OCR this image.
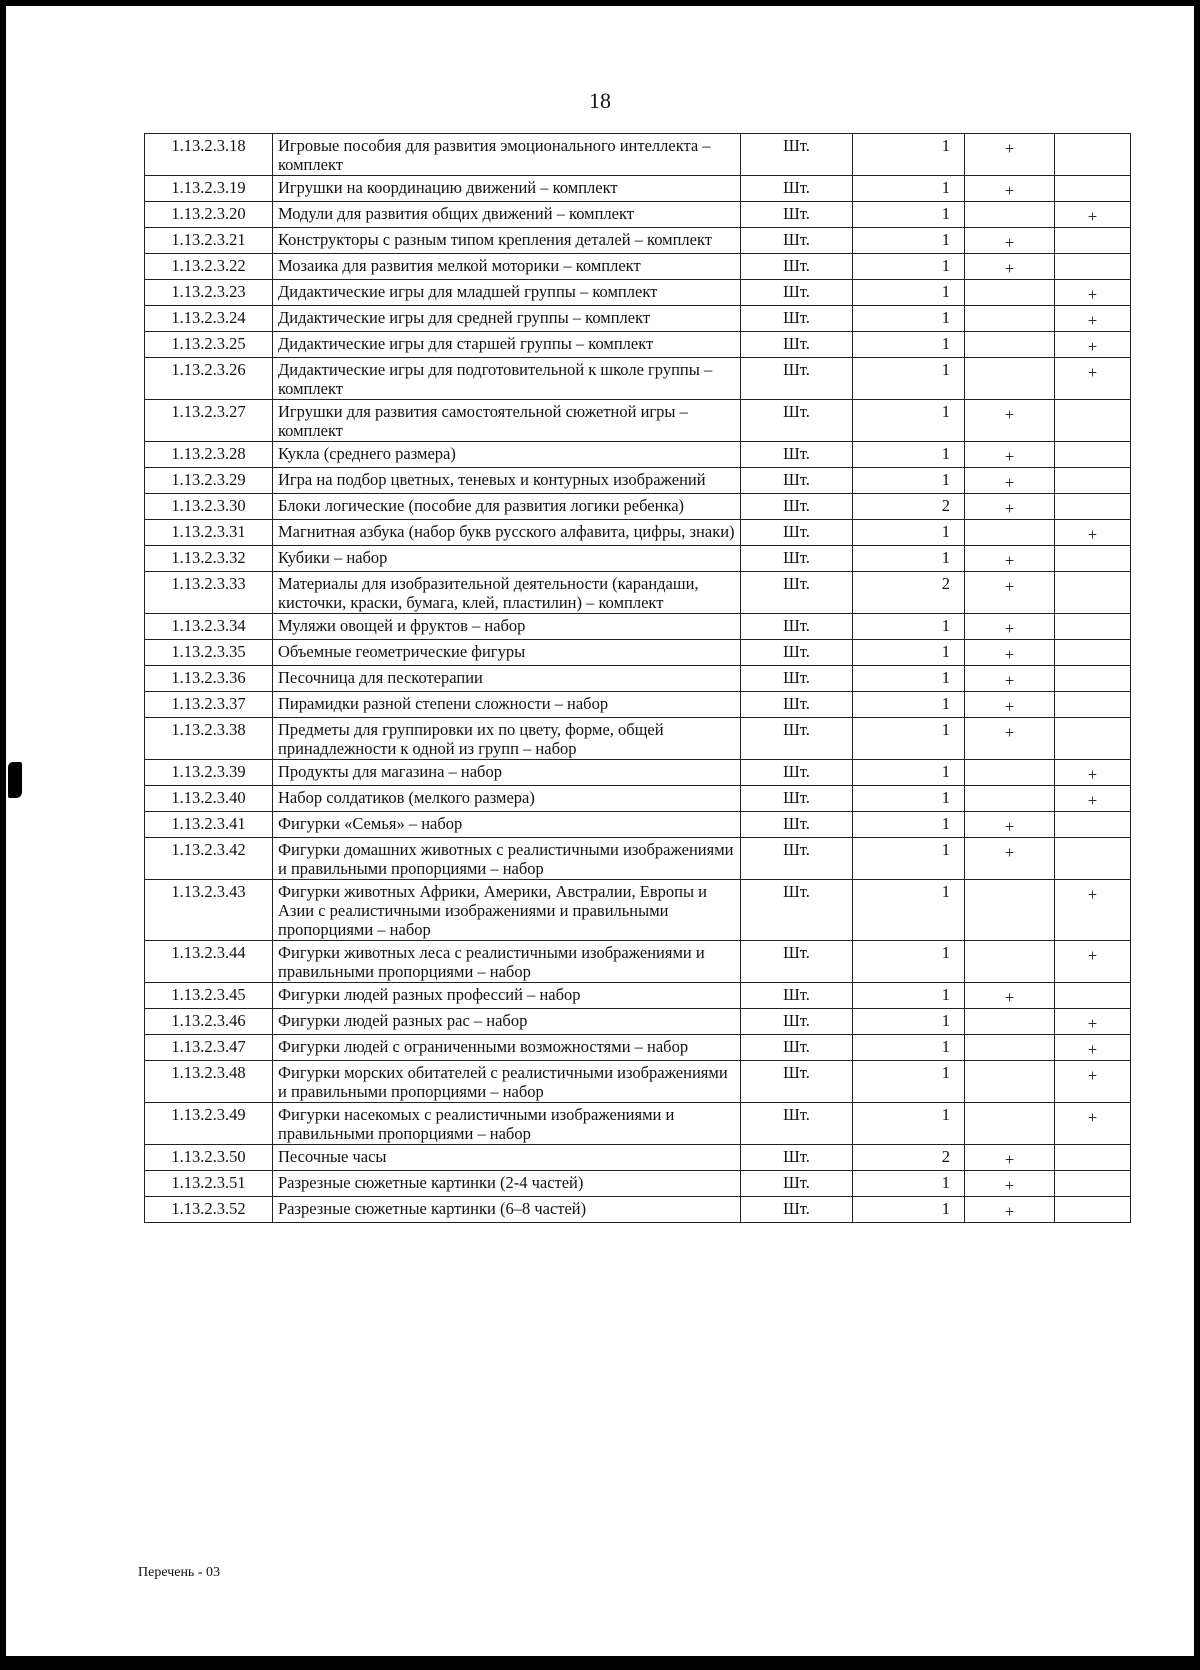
18
1.13.2.3.18	Игровые пособия для развития эмоционального интеллекта – комплект	Шт.	1	+	
1.13.2.3.19	Игрушки на координацию движений – комплект	Шт.	1	+	
1.13.2.3.20	Модули для развития общих движений – комплект	Шт.	1		+
1.13.2.3.21	Конструкторы с разным типом крепления деталей – комплект	Шт.	1	+	
1.13.2.3.22	Мозаика для развития мелкой моторики – комплект	Шт.	1	+	
1.13.2.3.23	Дидактические игры для младшей группы – комплект	Шт.	1		+
1.13.2.3.24	Дидактические игры для средней группы – комплект	Шт.	1		+
1.13.2.3.25	Дидактические игры для старшей группы – комплект	Шт.	1		+
1.13.2.3.26	Дидактические игры для подготовительной к школе группы – комплект	Шт.	1		+
1.13.2.3.27	Игрушки для развития самостоятельной сюжетной игры – комплект	Шт.	1	+	
1.13.2.3.28	Кукла (среднего размера)	Шт.	1	+	
1.13.2.3.29	Игра на подбор цветных, теневых и контурных изображений	Шт.	1	+	
1.13.2.3.30	Блоки логические (пособие для развития логики ребенка)	Шт.	2	+	
1.13.2.3.31	Магнитная азбука (набор букв русского алфавита, цифры, знаки)	Шт.	1		+
1.13.2.3.32	Кубики – набор	Шт.	1	+	
1.13.2.3.33	Материалы для изобразительной деятельности (карандаши, кисточки, краски, бумага, клей, пластилин) – комплект	Шт.	2	+	
1.13.2.3.34	Муляжи овощей и фруктов – набор	Шт.	1	+	
1.13.2.3.35	Объемные геометрические фигуры	Шт.	1	+	
1.13.2.3.36	Песочница для пескотерапии	Шт.	1	+	
1.13.2.3.37	Пирамидки разной степени сложности – набор	Шт.	1	+	
1.13.2.3.38	Предметы для группировки их по цвету, форме, общей принадлежности к одной из групп – набор	Шт.	1	+	
1.13.2.3.39	Продукты для магазина – набор	Шт.	1		+
1.13.2.3.40	Набор солдатиков (мелкого размера)	Шт.	1		+
1.13.2.3.41	Фигурки «Семья» – набор	Шт.	1	+	
1.13.2.3.42	Фигурки домашних животных с реалистичными изображениями и правильными пропорциями – набор	Шт.	1	+	
1.13.2.3.43	Фигурки животных Африки, Америки, Австралии, Европы и Азии с реалистичными изображениями и правильными пропорциями – набор	Шт.	1		+
1.13.2.3.44	Фигурки животных леса с реалистичными изображениями и правильными пропорциями – набор	Шт.	1		+
1.13.2.3.45	Фигурки людей разных профессий – набор	Шт.	1	+	
1.13.2.3.46	Фигурки людей разных рас – набор	Шт.	1		+
1.13.2.3.47	Фигурки людей с ограниченными возможностями – набор	Шт.	1		+
1.13.2.3.48	Фигурки морских обитателей с реалистичными изображениями и правильными пропорциями – набор	Шт.	1		+
1.13.2.3.49	Фигурки насекомых с реалистичными изображениями и правильными пропорциями – набор	Шт.	1		+
1.13.2.3.50	Песочные часы	Шт.	2	+	
1.13.2.3.51	Разрезные сюжетные картинки (2-4 частей)	Шт.	1	+	
1.13.2.3.52	Разрезные сюжетные картинки (6–8 частей)	Шт.	1	+	
Перечень - 03
